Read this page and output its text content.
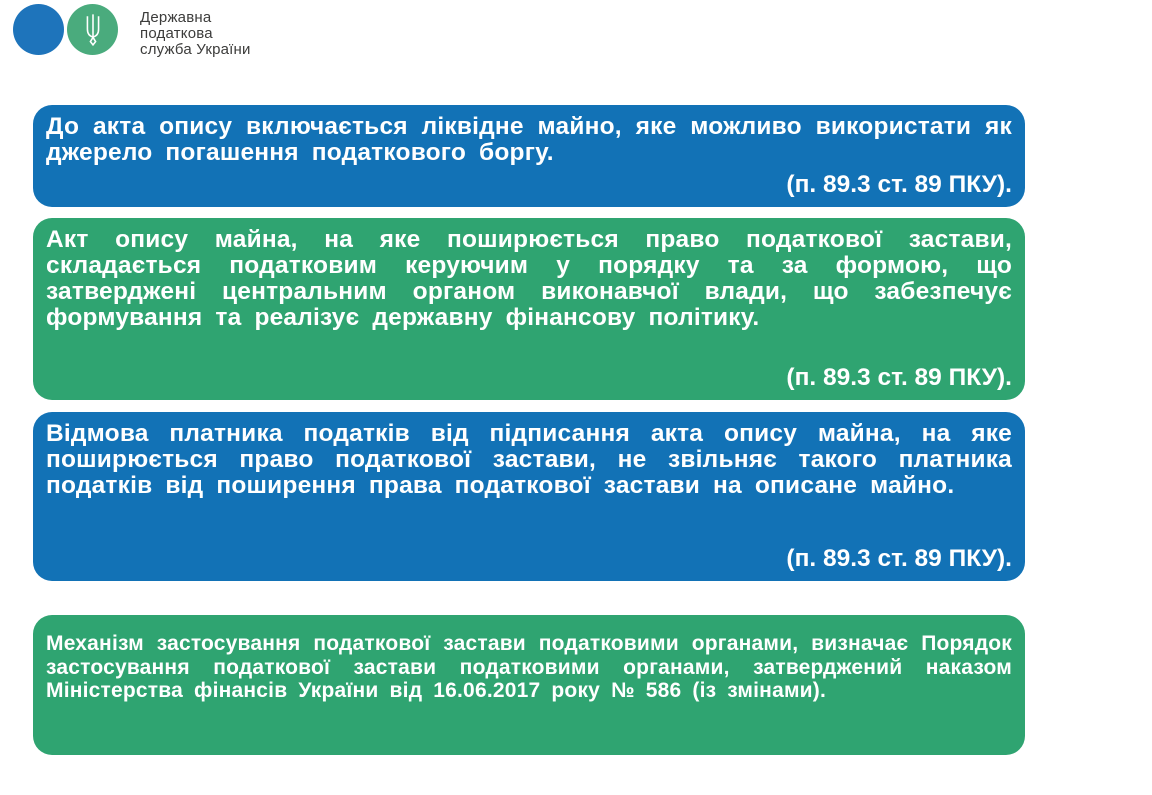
Державна
податкова
служба України

До акта опису включається ліквідне майно, яке можливо використати як джерело погашення податкового боргу.

(п. 89.3 ст. 89 ПКУ).

Акт опису майна, на яке поширюється право податкової застави, складається податковим керуючим у порядку та за формою, що затверджені центральним органом виконавчої влади, що забезпечує формування та реалізує державну фінансову політику.

(п. 89.3 ст. 89 ПКУ).

Відмова платника податків від підписання акта опису майна, на яке поширюється право податкової застави, не звільняє такого платника податків від поширення права податкової застави на описане майно.

(п. 89.3 ст. 89 ПКУ).

Механізм застосування податкової застави податковими органами, визначає Порядок застосування податкової застави податковими органами, затверджений наказом Міністерства фінансів України від 16.06.2017 року № 586 (із змінами).
